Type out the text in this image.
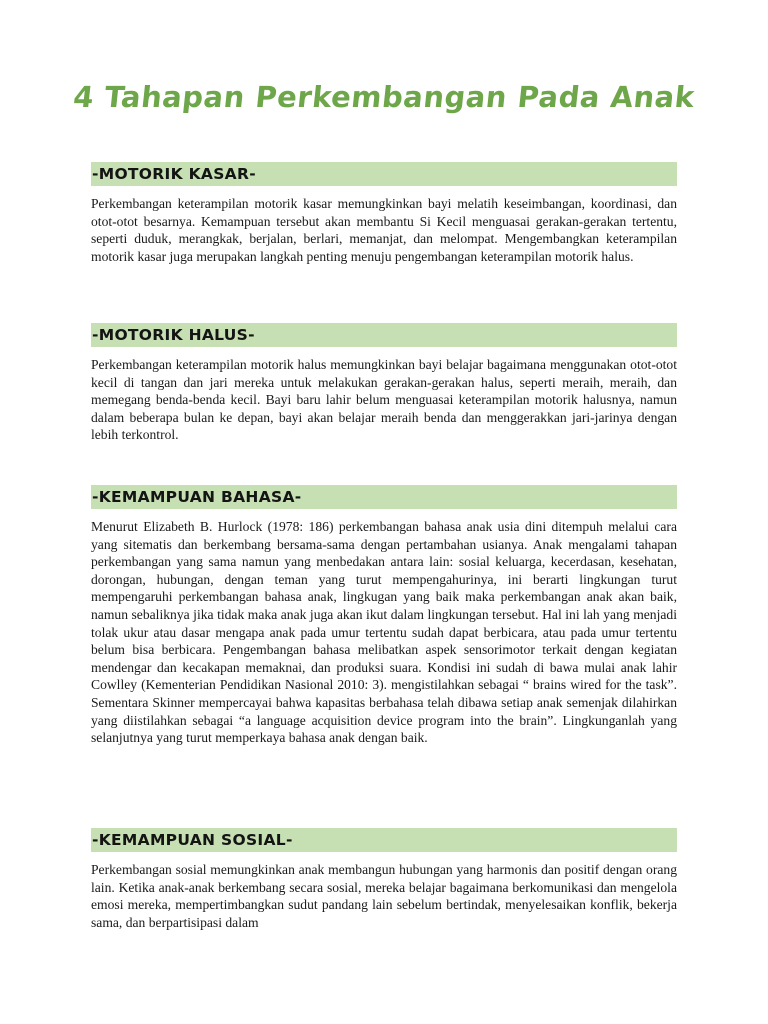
4 Tahapan Perkembangan Pada Anak
-MOTORIK KASAR-
Perkembangan keterampilan motorik kasar memungkinkan bayi melatih keseimbangan, koordinasi, dan otot-otot besarnya. Kemampuan tersebut akan membantu Si Kecil menguasai gerakan-gerakan tertentu, seperti duduk, merangkak, berjalan, berlari, memanjat, dan melompat. Mengembangkan keterampilan motorik kasar juga merupakan langkah penting menuju pengembangan keterampilan motorik halus.
-MOTORIK HALUS-
Perkembangan keterampilan motorik halus memungkinkan bayi belajar bagaimana menggunakan otot-otot kecil di tangan dan jari mereka untuk melakukan gerakan-gerakan halus, seperti meraih, meraih, dan memegang benda-benda kecil. Bayi baru lahir belum menguasai keterampilan motorik halusnya, namun dalam beberapa bulan ke depan, bayi akan belajar meraih benda dan menggerakkan jari-jarinya dengan lebih terkontrol.
-KEMAMPUAN BAHASA-
Menurut Elizabeth B. Hurlock (1978: 186) perkembangan bahasa anak usia dini ditempuh melalui cara yang sitematis dan berkembang bersama-sama dengan pertambahan usianya. Anak mengalami tahapan perkembangan yang sama namun yang menbedakan antara lain: sosial keluarga, kecerdasan, kesehatan, dorongan, hubungan, dengan teman yang turut mempengahurinya, ini berarti lingkungan turut mempengaruhi perkembangan bahasa anak, lingkugan yang baik maka perkembangan anak akan baik, namun sebaliknya jika tidak maka anak juga akan ikut dalam lingkungan tersebut. Hal ini lah yang menjadi tolak ukur atau dasar mengapa anak pada umur tertentu sudah dapat berbicara, atau pada umur tertentu belum bisa berbicara. Pengembangan bahasa melibatkan aspek sensorimotor terkait dengan kegiatan mendengar dan kecakapan memaknai, dan produksi suara. Kondisi ini sudah di bawa mulai anak lahir Cowlley (Kementerian Pendidikan Nasional 2010: 3). mengistilahkan sebagai “ brains wired for the task”. Sementara Skinner mempercayai bahwa kapasitas berbahasa telah dibawa setiap anak semenjak dilahirkan yang diistilahkan sebagai “a language acquisition device program into the brain”. Lingkunganlah yang selanjutnya yang turut memperkaya bahasa anak dengan baik.
-KEMAMPUAN SOSIAL-
Perkembangan sosial memungkinkan anak membangun hubungan yang harmonis dan positif dengan orang lain. Ketika anak-anak berkembang secara sosial, mereka belajar bagaimana berkomunikasi dan mengelola emosi mereka, mempertimbangkan sudut pandang lain sebelum bertindak, menyelesaikan konflik, bekerja sama, dan berpartisipasi dalam
